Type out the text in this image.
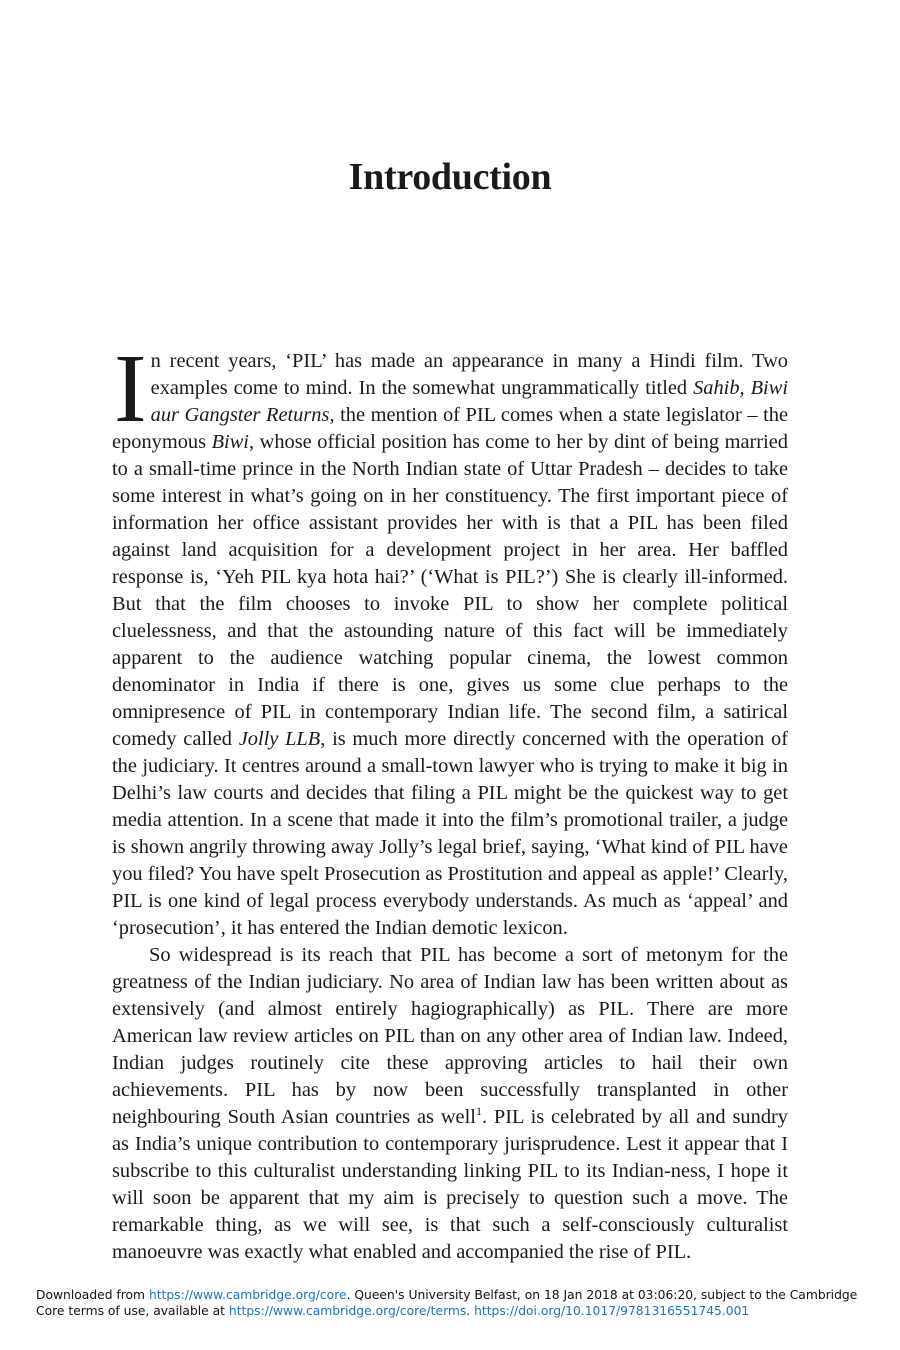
Introduction

In recent years, ‘PIL’ has made an appearance in many a Hindi film. Two examples come to mind. In the somewhat ungrammatically titled Sahib, Biwi aur Gangster Returns, the mention of PIL comes when a state legislator – the eponymous Biwi, whose official position has come to her by dint of being married to a small-time prince in the North Indian state of Uttar Pradesh – decides to take some interest in what’s going on in her constituency. The first important piece of information her office assistant provides her with is that a PIL has been filed against land acquisition for a development project in her area. Her baffled response is, ‘Yeh PIL kya hota hai?’ (‘What is PIL?’) She is clearly ill-informed. But that the film chooses to invoke PIL to show her complete political cluelessness, and that the astounding nature of this fact will be immediately apparent to the audience watching popular cinema, the lowest common denominator in India if there is one, gives us some clue perhaps to the omnipresence of PIL in contemporary Indian life. The second film, a satirical comedy called Jolly LLB, is much more directly concerned with the operation of the judiciary. It centres around a small-town lawyer who is trying to make it big in Delhi’s law courts and decides that filing a PIL might be the quickest way to get media attention. In a scene that made it into the film’s promotional trailer, a judge is shown angrily throwing away Jolly’s legal brief, saying, ‘What kind of PIL have you filed? You have spelt Prosecution as Prostitution and appeal as apple!’ Clearly, PIL is one kind of legal process everybody understands. As much as ‘appeal’ and ‘prosecution’, it has entered the Indian demotic lexicon.

So widespread is its reach that PIL has become a sort of metonym for the greatness of the Indian judiciary. No area of Indian law has been written about as extensively (and almost entirely hagiographically) as PIL. There are more American law review articles on PIL than on any other area of Indian law. Indeed, Indian judges routinely cite these approving articles to hail their own achievements. PIL has by now been successfully transplanted in other neighbouring South Asian countries as well$^1$. PIL is celebrated by all and sundry as India’s unique contribution to contemporary jurisprudence. Lest it appear that I subscribe to this culturalist understanding linking PIL to its Indian-ness, I hope it will soon be apparent that my aim is precisely to question such a move. The remarkable thing, as we will see, is that such a self-consciously culturalist manoeuvre was exactly what enabled and accompanied the rise of PIL.

Downloaded from https://www.cambridge.org/core. Queen's University Belfast, on 18 Jan 2018 at 03:06:20, subject to the Cambridge Core terms of use, available at https://www.cambridge.org/core/terms. https://doi.org/10.1017/9781316551745.001
